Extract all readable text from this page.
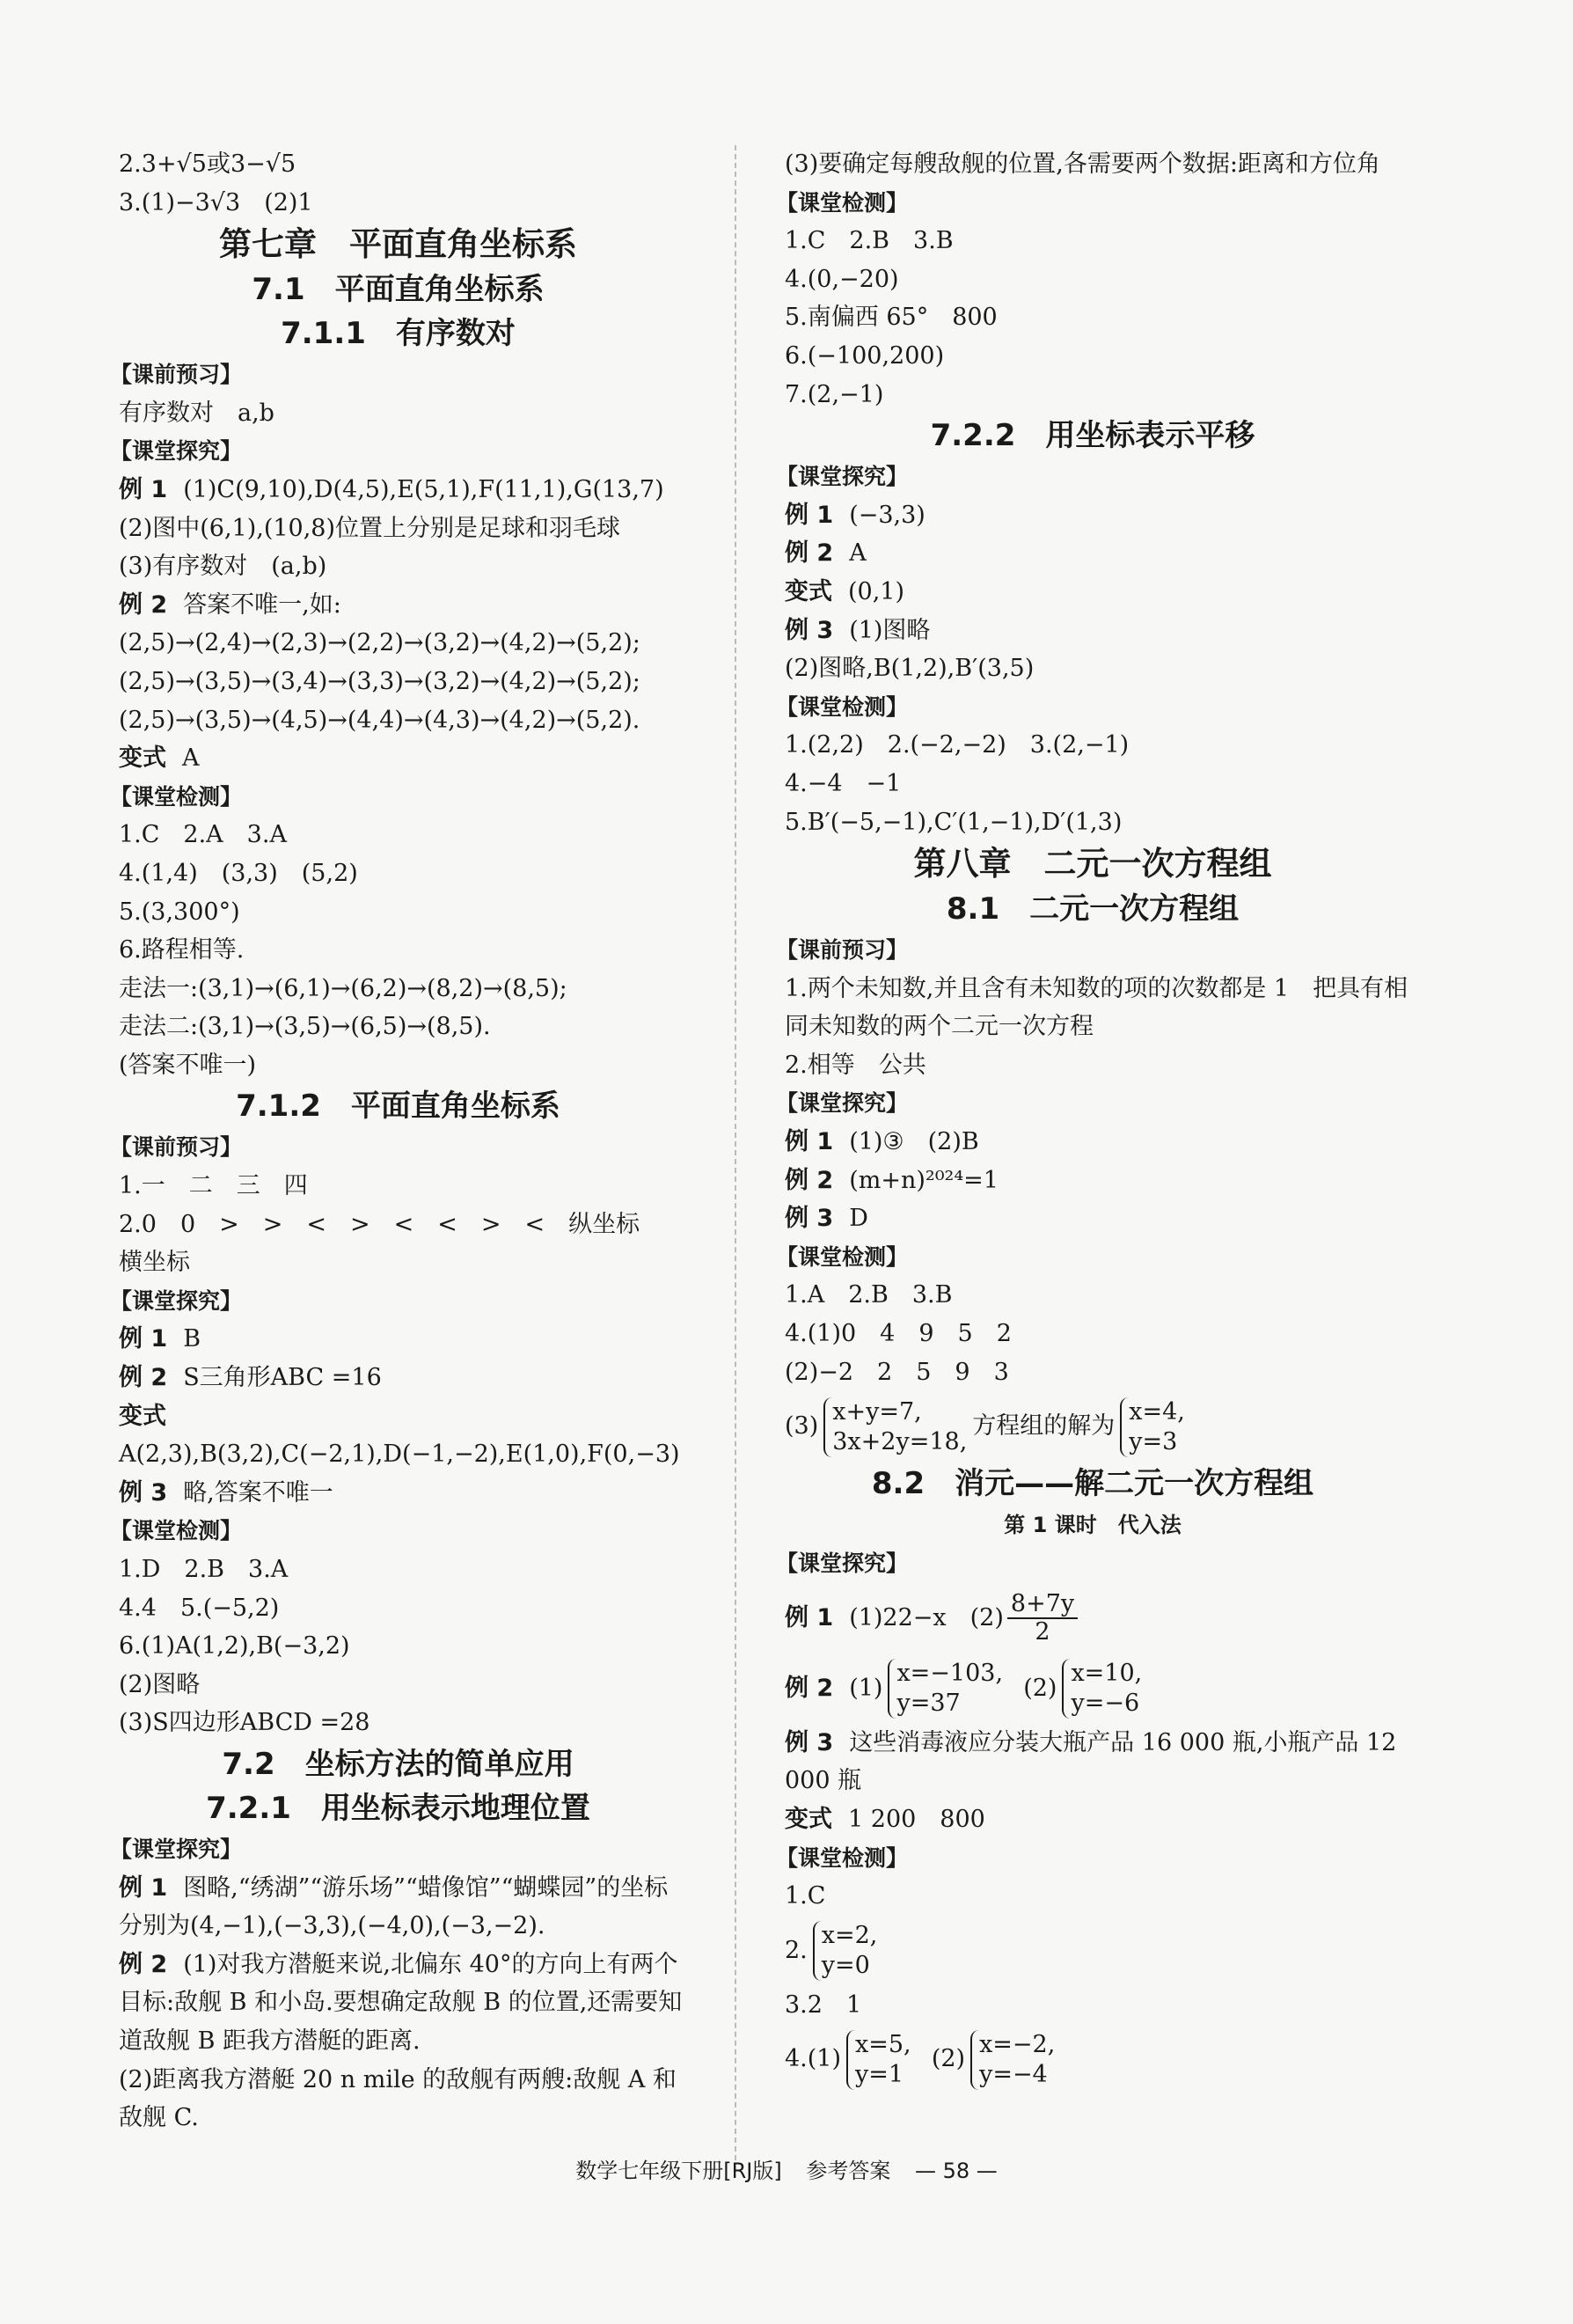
2.3+√5或3−√5
3.(1)−3√3　(2)1
第七章　平面直角坐标系
7.1　平面直角坐标系
7.1.1　有序数对
【课前预习】
有序数对　a,b
【课堂探究】
例 1 (1)C(9,10),D(4,5),E(5,1),F(11,1),G(13,7)
(2)图中(6,1),(10,8)位置上分别是足球和羽毛球
(3)有序数对　(a,b)
例 2 答案不唯一,如:(2,5)→(2,4)→(2,3)→(2,2)→(3,2)→(4,2)→(5,2);
(2,5)→(3,5)→(3,4)→(3,3)→(3,2)→(4,2)→(5,2);
(2,5)→(3,5)→(4,5)→(4,4)→(4,3)→(4,2)→(5,2).
变式 A
【课堂检测】
1.C　2.A　3.A
4.(1,4)　(3,3)　(5,2)
5.(3,300°)
6.路程相等.
走法一:(3,1)→(6,1)→(6,2)→(8,2)→(8,5);
走法二:(3,1)→(3,5)→(6,5)→(8,5).
(答案不唯一)
7.1.2　平面直角坐标系
【课前预习】
1.一　二　三　四
2.0　0　>　>　<　>　<　<　>　<　纵坐标　横坐标
【课堂探究】
例 1 B
例 2 S三角形ABC =16
变式A(2,3),B(3,2),C(−2,1),D(−1,−2),E(1,0),F(0,−3)
例 3 略,答案不唯一
【课堂检测】
1.D　2.B　3.A
4.4　5.(−5,2)
6.(1)A(1,2),B(−3,2)
(2)图略
(3)S四边形ABCD =28
7.2　坐标方法的简单应用
7.2.1　用坐标表示地理位置
【课堂探究】
例 1 图略,“绣湖”“游乐场”“蜡像馆”“蝴蝶园”的坐标分别为(4,−1),(−3,3),(−4,0),(−3,−2).
例 2 (1)对我方潜艇来说,北偏东 40°的方向上有两个目标:敌舰 B 和小岛.要想确定敌舰 B 的位置,还需要知道敌舰 B 距我方潜艇的距离.
(2)距离我方潜艇 20 n mile 的敌舰有两艘:敌舰 A 和敌舰 C.
(3)要确定每艘敌舰的位置,各需要两个数据:距离和方位角
【课堂检测】
1.C　2.B　3.B
4.(0,−20)
5.南偏西 65°　800
6.(−100,200)
7.(2,−1)
7.2.2　用坐标表示平移
【课堂探究】
例 1 (−3,3)
例 2 A
变式 (0,1)
例 3 (1)图略
(2)图略,B(1,2),B′(3,5)
【课堂检测】
1.(2,2)　2.(−2,−2)　3.(2,−1)
4.−4　−1
5.B′(−5,−1),C′(1,−1),D′(1,3)
第八章　二元一次方程组
8.1　二元一次方程组
【课前预习】
1.两个未知数,并且含有未知数的项的次数都是 1　把具有相同未知数的两个二元一次方程
2.相等　公共
【课堂探究】
例 1 (1)③　(2)B
例 2 (m+n)²⁰²⁴=1
例 3 D
【课堂检测】
1.A　2.B　3.B
4.(1)0　4　9　5　2
(2)−2　2　5　9　3
(3)
x+y=7,
3x+2y=18,
方程组的解为
x=4,
y=3
8.2　消元——解二元一次方程组
第 1 课时　代入法
【课堂探究】
例 1 (1)22−x　$(2) \frac{8+7y}{2}$
例 2 (1)
x=−103,
y=37
(2)
x=10,
y=−6
例 3 这些消毒液应分装大瓶产品 16 000 瓶,小瓶产品 12 000 瓶
变式 1 200　800
【课堂检测】
1.C
2.
x=2,
y=0
3.2　1
4.(1)
x=5,
y=1
(2)
x=−2,
y=−4
数学七年级下册[RJ版] 参考答案 — 58 —
